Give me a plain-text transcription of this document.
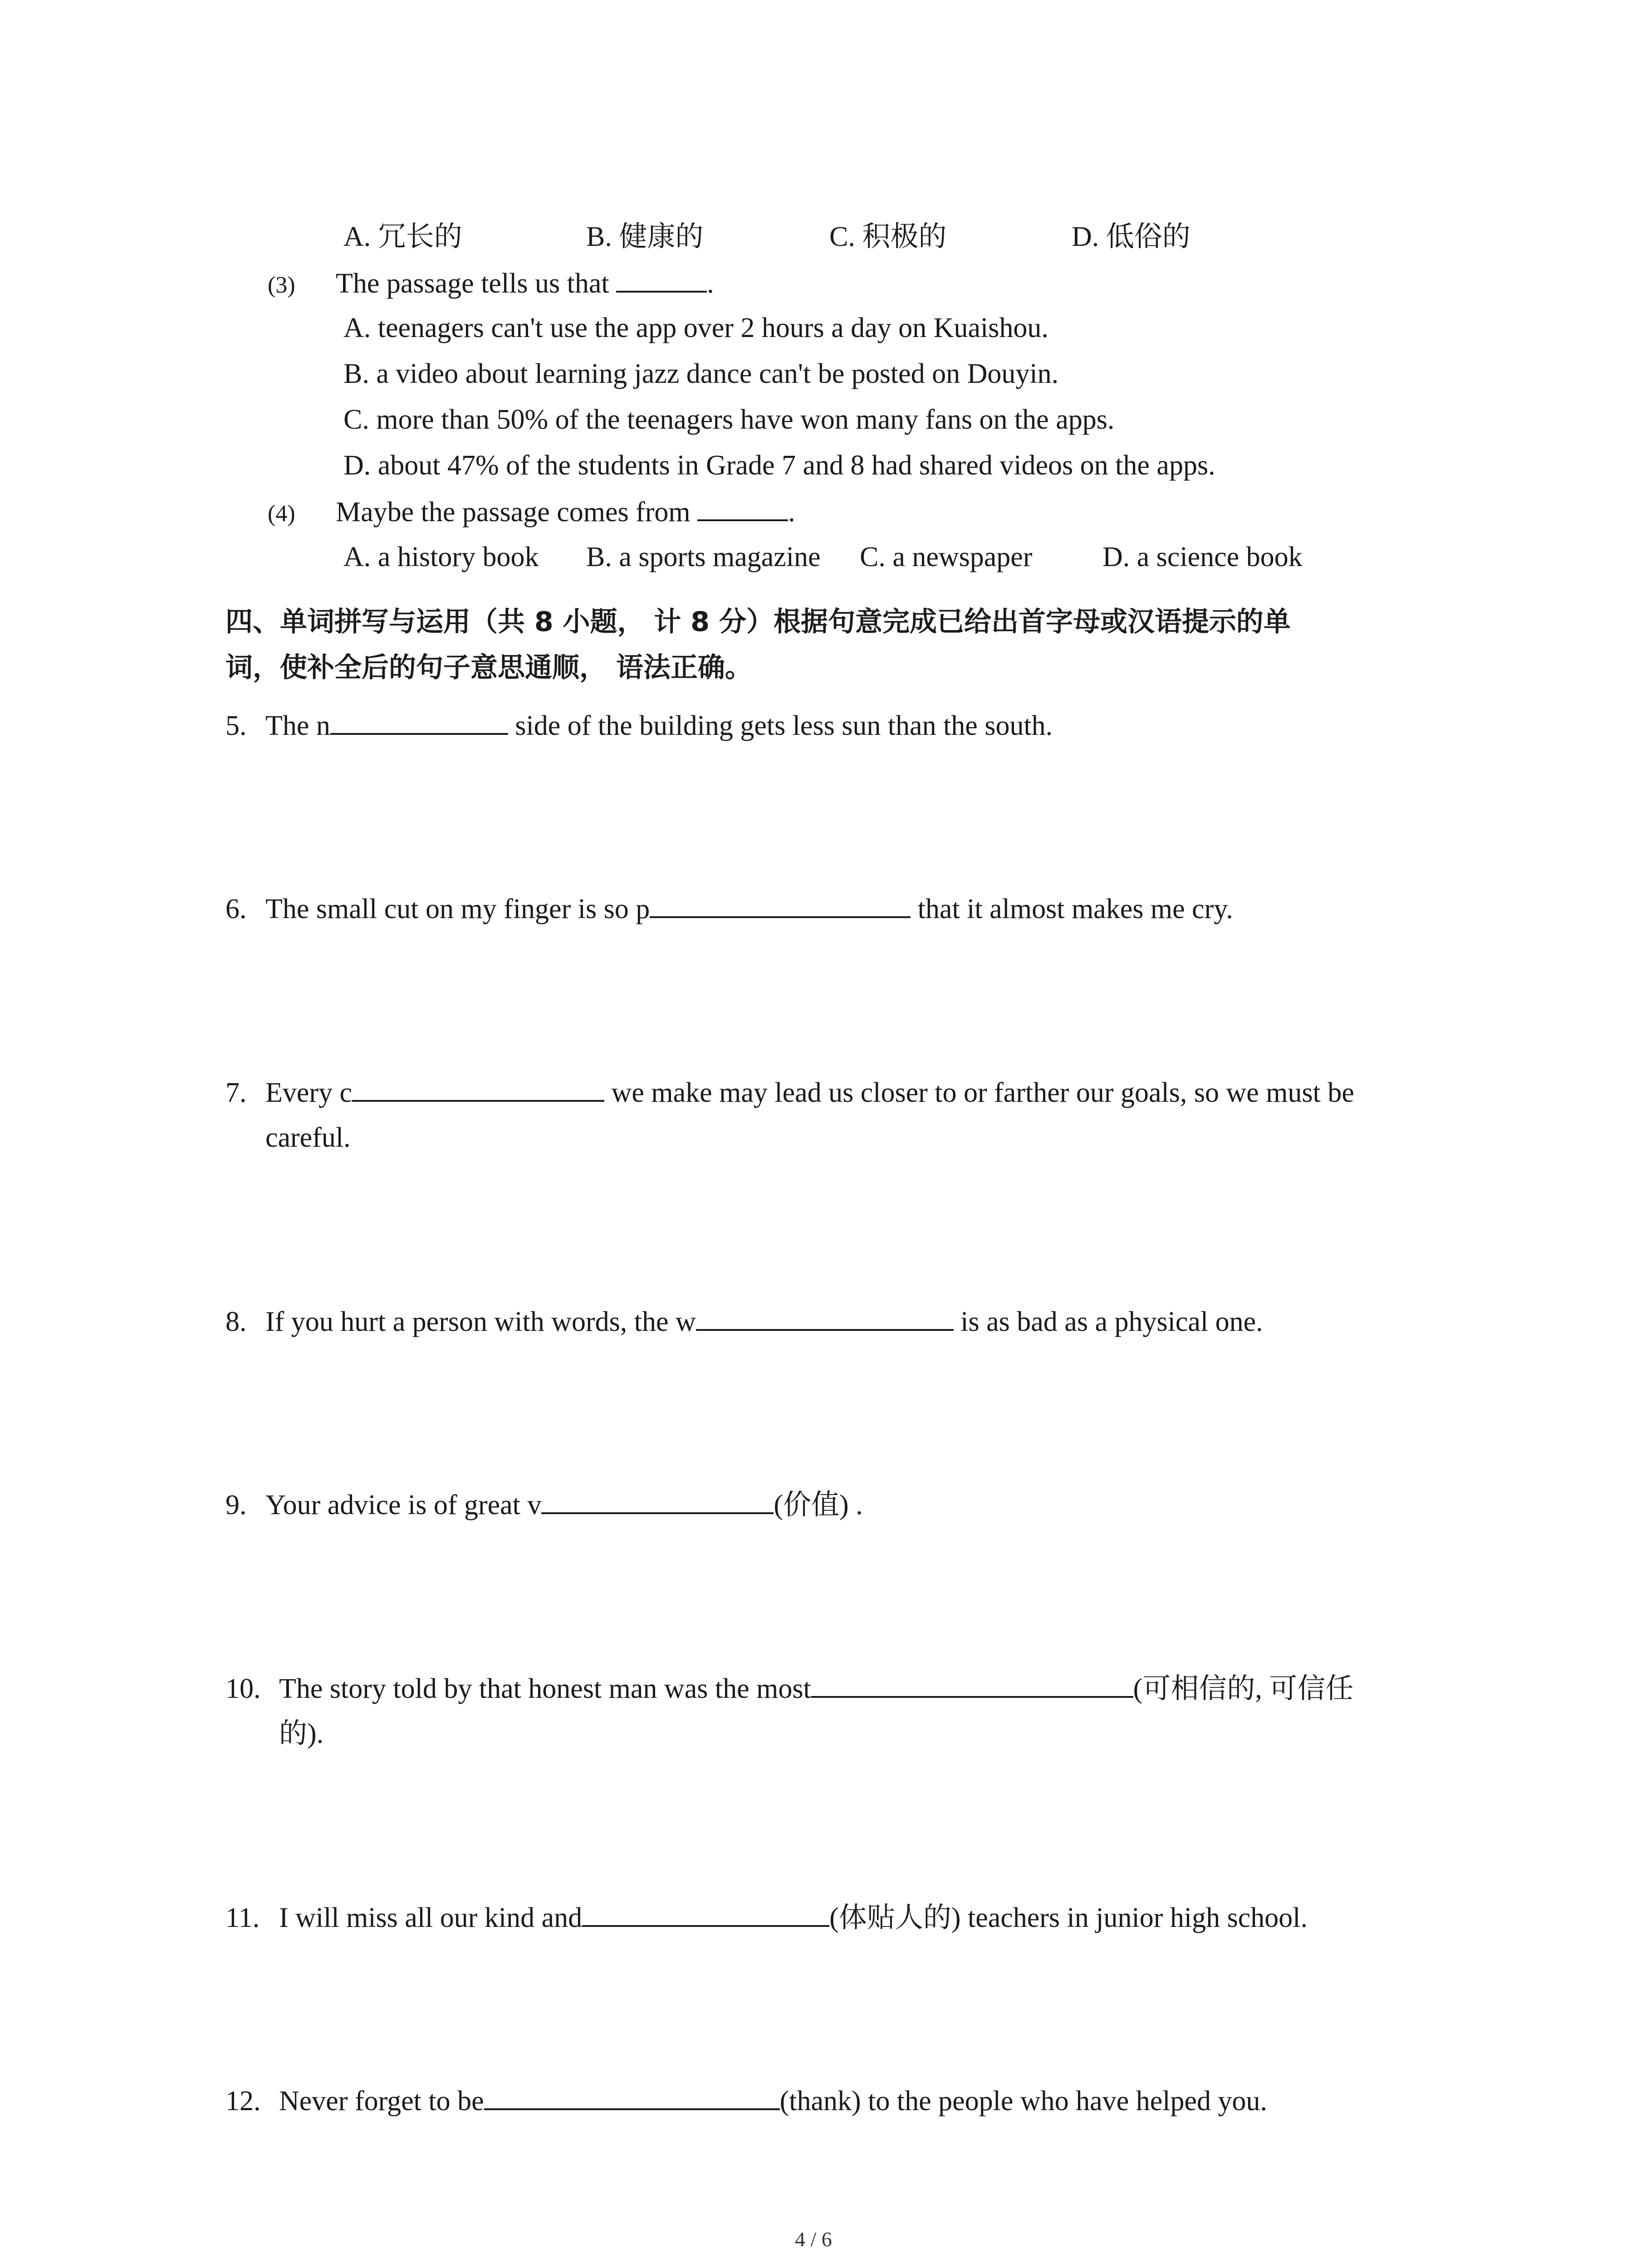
A. 冗长的	B. 健康的	C. 积极的	D. 低俗的
(3) The passage tells us that	.
A. teenagers can't use the app over 2 hours a day on Kuaishou.
B. a video about learning jazz dance can't be posted on Douyin.
C. more than 50% of the teenagers have won many fans on the apps.
D. about 47% of the students in Grade 7 and 8 had shared videos on the apps.
(4) Maybe the passage comes from	.
A. a history book B. a sports magazine C. a newspaper D. a science book
四、单词拼写与运用（共 8 小题， 计 8 分）根据句意完成已给出首字母或汉语提示的单
词，使补全后的句子意思通顺， 语法正确。
5. The n	side of the building gets less sun than the south.
6. The small cut on my finger is so p	that it almost makes me cry.
7. Every c	we make may lead us closer to or farther our goals, so we must be
careful.
8. If you hurt a person with words, the w	is as bad as a physical one.
9. Your advice is of great v	(价值) .
10. The story told by that honest man was the most	(可相信的, 可信任
的).
11. I will miss all our kind and	(体贴人的) teachers in junior high school.
12. Never forget to be	(thank) to the people who have helped you.
4 / 6
